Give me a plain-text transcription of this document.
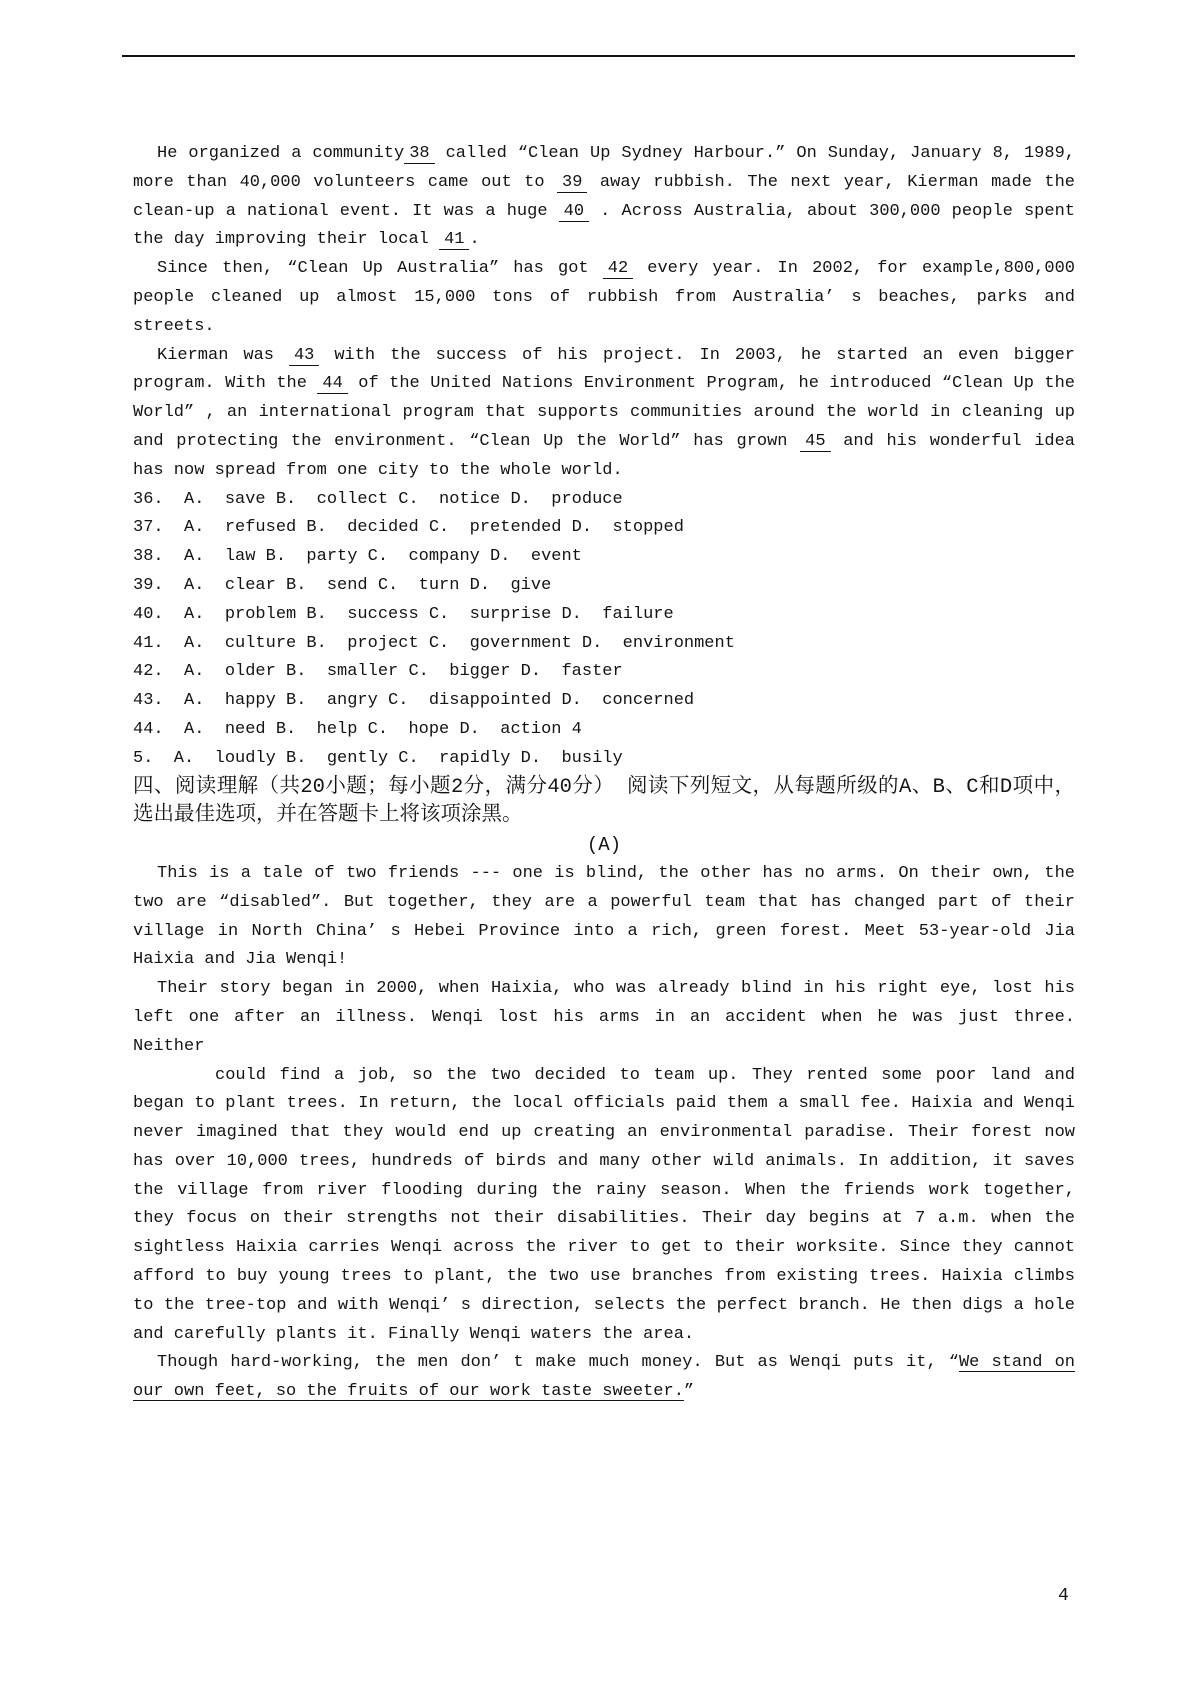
He organized a community 38 called “Clean Up Sydney Harbour.” On Sunday, January 8, 1989, more than 40,000 volunteers came out to 39 away rubbish. The next year, Kierman made the clean-up a national event. It was a huge 40 . Across Australia, about 300,000 people spent the day improving their local 41 .

Since then, “Clean Up Australia” has got 42 every year. In 2002, for example,800,000 people cleaned up almost 15,000 tons of rubbish from Australia’ s beaches, parks and streets.

Kierman was 43 with the success of his project. In 2003, he started an even bigger program. With the 44 of the United Nations Environment Program, he introduced “Clean Up the World” , an international program that supports communities around the world in cleaning up and protecting the environment. “Clean Up the World” has grown 45 and his wonderful idea has now spread from one city to the whole world.

36.  A.  save B.  collect C.  notice D.  produce
37.  A.  refused B.  decided C.  pretended D.  stopped
38.  A.  law B.  party C.  company D.  event
39.  A.  clear B.  send C.  turn D.  give
40.  A.  problem B.  success C.  surprise D.  failure
41.  A.  culture B.  project C.  government D.  environment
42.  A.  older B.  smaller C.  bigger D.  faster
43.  A.  happy B.  angry C.  disappointed D.  concerned
44.  A.  need B.  help C.  hope D.  action 4
5.  A.  loudly B.  gently C.  rapidly D.  busily

四、阅读理解（共20小题；每小题2分，满分40分） 阅读下列短文，从每题所级的A、B、C和D项中，选出最佳选项，并在答题卡上将该项涂黑。

(A)

This is a tale of two friends --- one is blind, the other has no arms. On their own, the two are “disabled”. But together, they are a powerful team that has changed part of their village in North China’ s Hebei Province into a rich, green forest. Meet 53-year-old Jia Haixia and Jia Wenqi!

Their story began in 2000, when Haixia, who was already blind in his right eye, lost his left one after an illness. Wenqi lost his arms in an accident when he was just three. Neither

could find a job, so the two decided to team up. They rented some poor land and began to plant trees. In return, the local officials paid them a small fee. Haixia and Wenqi never imagined that they would end up creating an environmental paradise. Their forest now has over 10,000 trees, hundreds of birds and many other wild animals. In addition, it saves the village from river flooding during the rainy season. When the friends work together, they focus on their strengths not their disabilities. Their day begins at 7 a.m. when the sightless Haixia carries Wenqi across the river to get to their worksite. Since they cannot afford to buy young trees to plant, the two use branches from existing trees. Haixia climbs to the tree-top and with Wenqi’ s direction, selects the perfect branch. He then digs a hole and carefully plants it. Finally Wenqi waters the area.

Though hard-working, the men don’ t make much money. But as Wenqi puts it, “We stand on our own feet, so the fruits of our work taste sweeter.”

4
